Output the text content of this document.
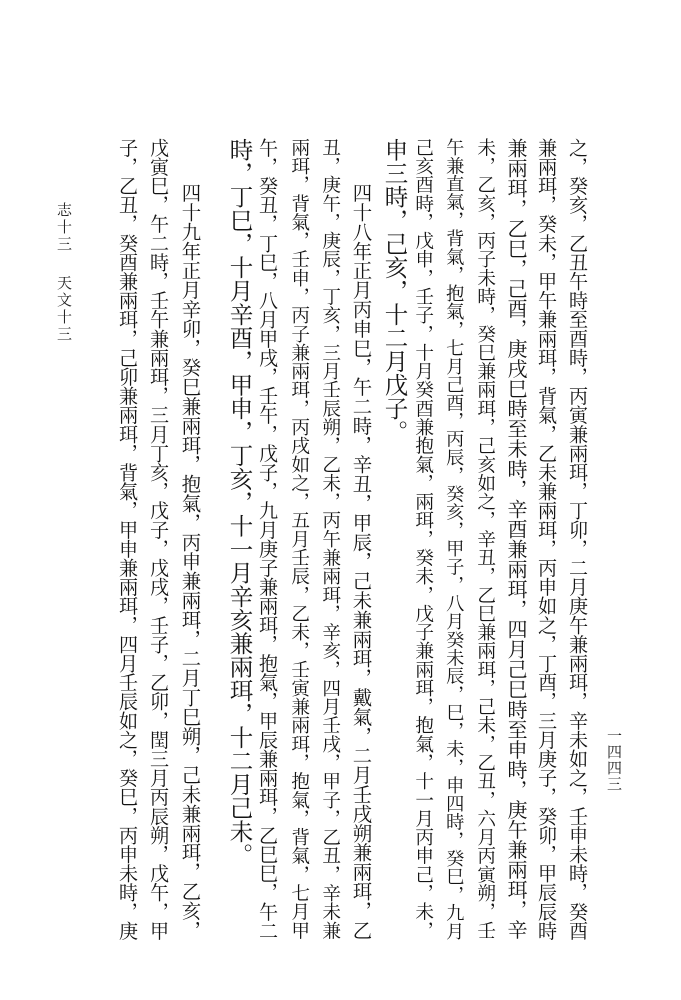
之，癸亥，乙丑午時至酉時，丙寅兼兩珥，丁卯，二月庚午兼兩珥，辛未如之，壬申未時，癸酉
兼兩珥，癸未，甲午兼兩珥，背氣，乙未兼兩珥，丙申如之，丁酉，三月庚子，癸卯，甲辰辰時
兼兩珥，乙巳，己酉，庚戌巳時至未時，辛酉兼兩珥，四月己巳時至申時，庚午兼兩珥，辛
未，乙亥，丙子未時，癸巳兼兩珥，己亥如之，辛丑，乙巳兼兩珥，己未，乙丑，六月丙寅朔，壬
午兼直氣，背氣，抱氣，七月己酉，丙辰，癸亥，甲子，八月癸未辰，巳，未，申四時，癸巳，九月
己亥酉時，戊申，壬子，十月癸酉兼抱氣，兩珥，癸未，戊子兼兩珥，抱氣，十一月丙申己，未，
申三時，己亥，十二月戊子。
四十八年正月丙申巳，午二時，辛丑，甲辰，己未兼兩珥，戴氣，二月壬戌朔兼兩珥，乙
丑，庚午，庚辰，丁亥，三月壬辰朔，乙未，丙午兼兩珥，辛亥，四月壬戌，甲子，乙丑，辛未兼
兩珥，背氣，壬申，丙子兼兩珥，丙戌如之，五月壬辰，乙未，壬寅兼兩珥，抱氣，背氣，七月甲
午，癸丑，丁巳，八月甲戌，壬午，戊子，九月庚子兼兩珥，抱氣，甲辰兼兩珥，乙巳巳，午二
時，丁巳，十月辛酉，甲申，丁亥，十一月辛亥兼兩珥，十二月己未。
四十九年正月辛卯，癸巳兼兩珥，抱氣，丙申兼兩珥，二月丁巳朔，己未兼兩珥，乙亥，
戊寅巳，午二時，壬午兼兩珥，三月丁亥，戊子，戊戌，壬子，乙卯，閏三月丙辰朔，戊午，甲
子，乙丑，癸酉兼兩珥，己卯兼兩珥，背氣，甲申兼兩珥，四月壬辰如之，癸巳，丙申未時，庚
志十三天文十三
一四四三
